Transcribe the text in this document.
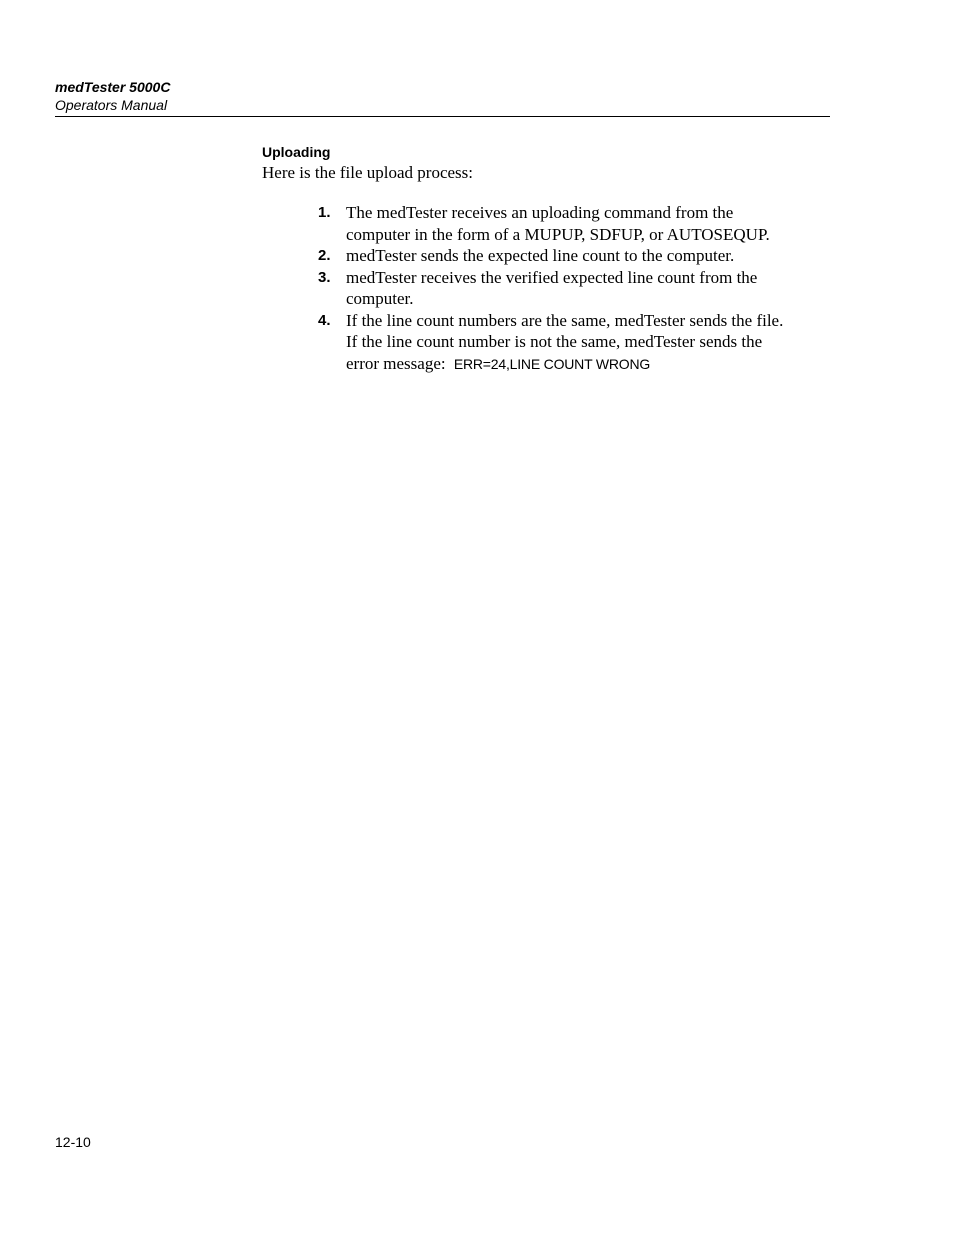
medTester 5000C
Operators Manual
Uploading

Here is the file upload process:

1. The medTester receives an uploading command from the computer in the form of a MUPUP, SDFUP, or AUTOSEQUP.
2. medTester sends the expected line count to the computer.
3. medTester receives the verified expected line count from the computer.
4. If the line count numbers are the same, medTester sends the file. If the line count number is not the same, medTester sends the error message: ERR=24,LINE COUNT WRONG
12-10
